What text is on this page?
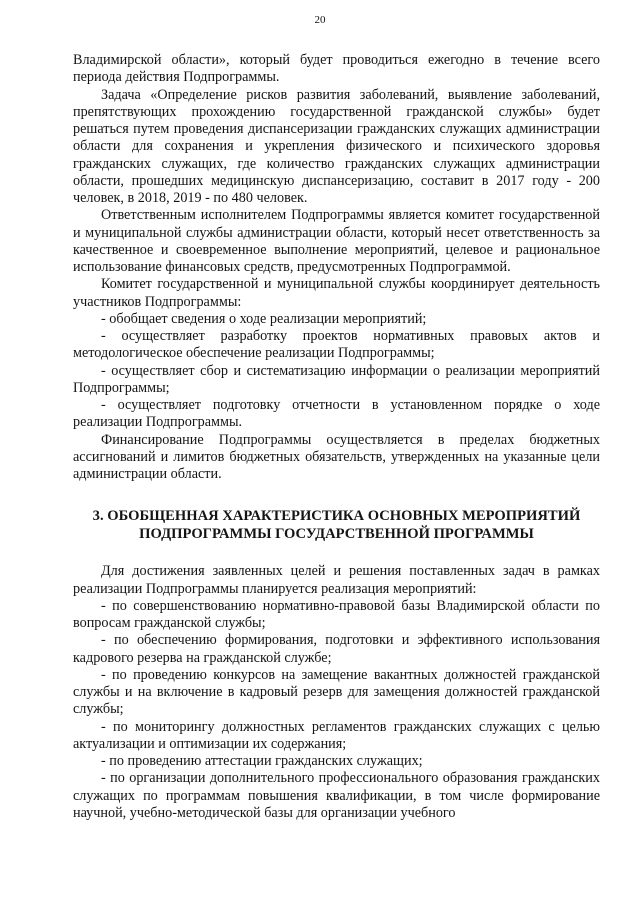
20

Владимирской области», который будет проводиться ежегодно в течение всего периода действия Подпрограммы.

Задача «Определение рисков развития заболеваний, выявление заболеваний, препятствующих прохождению государственной гражданской службы» будет решаться путем проведения диспансеризации гражданских служащих администрации области для сохранения и укрепления физического и психического здоровья гражданских служащих, где количество гражданских служащих администрации области, прошедших медицинскую диспансеризацию, составит в 2017 году - 200 человек, в 2018, 2019 - по 480 человек.

Ответственным исполнителем Подпрограммы является комитет государственной и муниципальной службы администрации области, который несет ответственность за качественное и своевременное выполнение мероприятий, целевое и рациональное использование финансовых средств, предусмотренных Подпрограммой.

Комитет государственной и муниципальной службы координирует деятельность участников Подпрограммы:

- обобщает сведения о ходе реализации мероприятий;

- осуществляет разработку проектов нормативных правовых актов и методологическое обеспечение реализации Подпрограммы;

- осуществляет сбор и систематизацию информации о реализации мероприятий Подпрограммы;

- осуществляет подготовку отчетности в установленном порядке о ходе реализации Подпрограммы.

Финансирование Подпрограммы осуществляется в пределах бюджетных ассигнований и лимитов бюджетных обязательств, утвержденных на указанные цели администрации области.

3. ОБОБЩЕННАЯ ХАРАКТЕРИСТИКА ОСНОВНЫХ МЕРОПРИЯТИЙ
ПОДПРОГРАММЫ ГОСУДАРСТВЕННОЙ ПРОГРАММЫ

Для достижения заявленных целей и решения поставленных задач в рамках реализации Подпрограммы планируется реализация мероприятий:

- по совершенствованию нормативно-правовой базы Владимирской области по вопросам гражданской службы;

- по обеспечению формирования, подготовки и эффективного использования кадрового резерва на гражданской службе;

- по проведению конкурсов на замещение вакантных должностей гражданской службы и на включение в кадровый резерв для замещения должностей гражданской службы;

- по мониторингу должностных регламентов гражданских служащих с целью актуализации и оптимизации их содержания;

- по проведению аттестации гражданских служащих;

- по организации дополнительного профессионального образования гражданских служащих по программам повышения квалификации, в том числе формирование научной, учебно-методической базы для организации учебного
